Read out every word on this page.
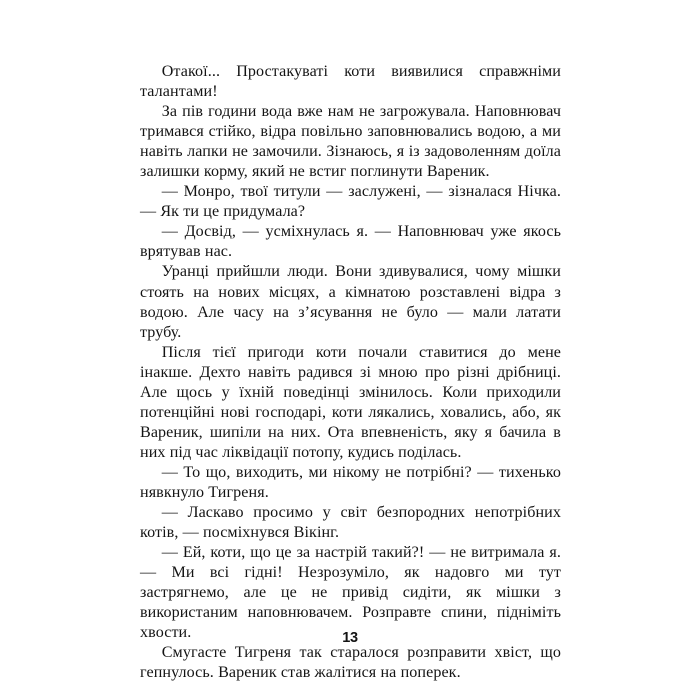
Отакої... Простакуваті коти виявилися справжніми талантами!

За пів години вода вже нам не загрожувала. Наповнювач тримався стійко, відра повільно заповнювались водою, а ми навіть лапки не замочили. Зізнаюсь, я із задоволенням доїла залишки корму, який не встиг поглинути Вареник.

— Монро, твої титули — заслужені, — зізналася Нічка. — Як ти це придумала?

— Досвід, — усміхнулась я. — Наповнювач уже якось врятував нас.

Уранці прийшли люди. Вони здивувалися, чому мішки стоять на нових місцях, а кімнатою розставлені відра з водою. Але часу на з’ясування не було — мали латати трубу.

Після тієї пригоди коти почали ставитися до мене інакше. Дехто навіть радився зі мною про різні дрібниці. Але щось у їхній поведінці змінилось. Коли приходили потенційні нові господарі, коти лякались, ховались, або, як Вареник, шипіли на них. Ота впевненість, яку я бачила в них під час ліквідації потопу, кудись поділась.

— То що, виходить, ми нікому не потрібні? — тихенько нявкнуло Тигреня.

— Ласкаво просимо у світ безпородних непотрібних котів, — посміхнувся Вікінг.

— Ей, коти, що це за настрій такий?! — не витримала я. — Ми всі гідні! Незрозуміло, як надовго ми тут застрягнемо, але це не привід сидіти, як мішки з використаним наповнювачем. Розправте спини, підніміть хвости.

Смугасте Тигреня так старалося розправити хвіст, що гепнулось. Вареник став жалітися на поперек.

13
